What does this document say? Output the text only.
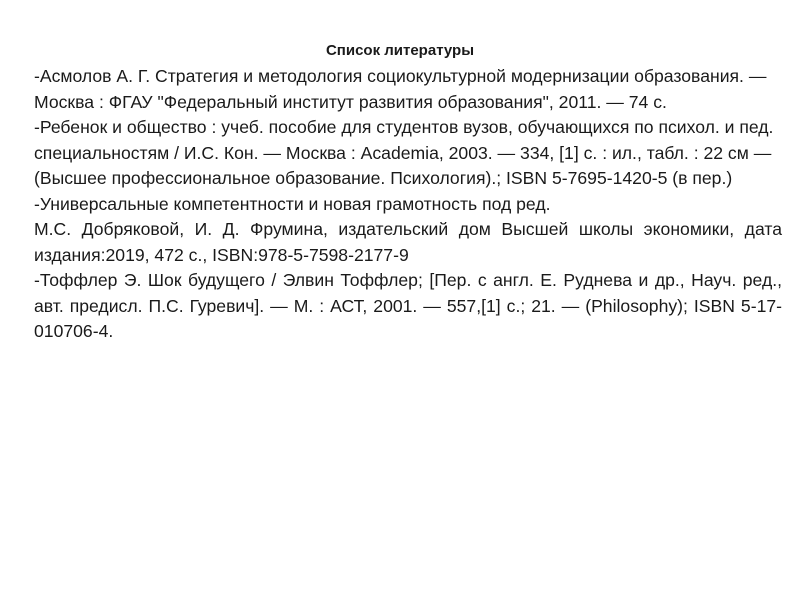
Список литературы

-Асмолов А. Г. Стратегия и методология социокультурной модернизации образования. — Москва : ФГАУ "Федеральный институт развития образования", 2011. — 74 с.

-Ребенок и общество : учеб. пособие для студентов вузов, обучающихся по психол. и пед. специальностям / И.С. Кон. — Москва : Academia, 2003. — 334, [1] с. : ил., табл. : 22 см — (Высшее профессиональное образование. Психология).; ISBN 5-7695-1420-5 (в пер.)

-Универсальные компетентности и новая грамотность под ред.

М.С. Добряковой, И. Д. Фрумина, издательский дом Высшей школы экономики, дата издания:2019, 472 с., ISBN:978-5-7598-2177-9

-Тоффлер Э. Шок будущего / Элвин Тоффлер; [Пер. с англ. Е. Руднева и др., Науч. ред., авт. предисл. П.С. Гуревич]. — М. : АСТ, 2001. — 557,[1] с.; 21. — (Philosophy); ISBN 5-17-010706-4.
